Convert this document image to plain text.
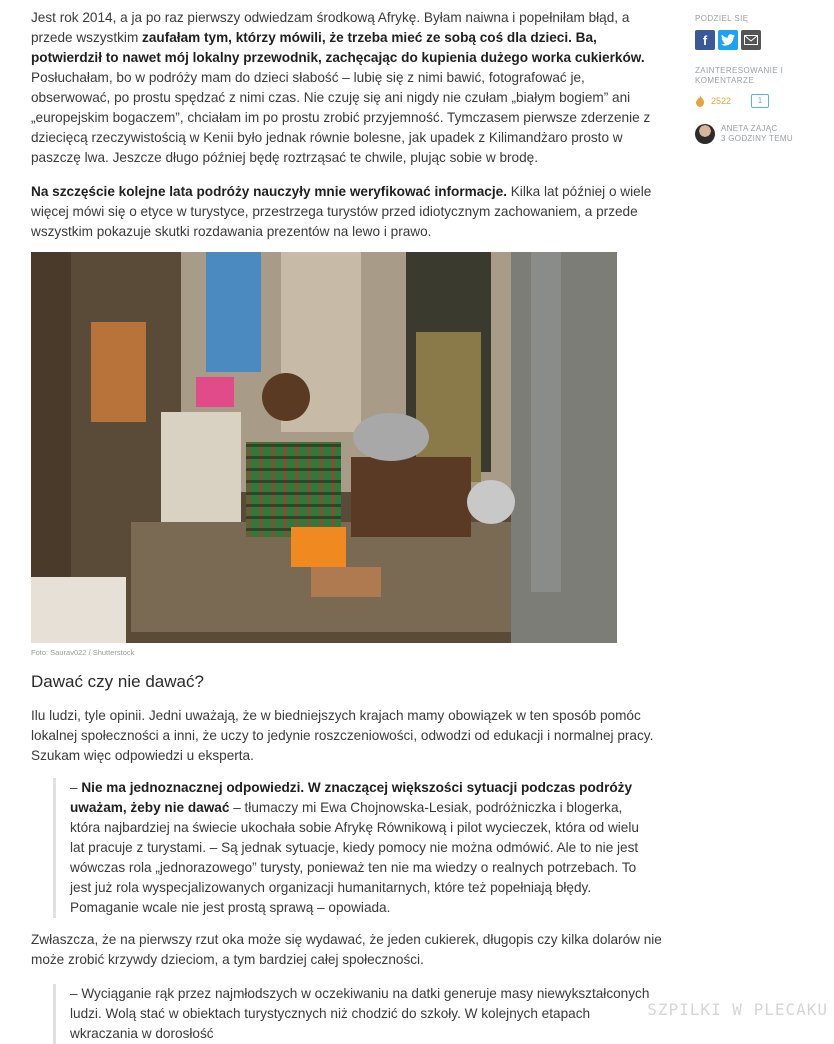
Jest rok 2014, a ja po raz pierwszy odwiedzam środkową Afrykę. Byłam naiwna i popełniłam błąd, a przede wszystkim zaufałam tym, którzy mówili, że trzeba mieć ze sobą coś dla dzieci. Ba, potwierdził to nawet mój lokalny przewodnik, zachęcając do kupienia dużego worka cukierków. Posłuchałam, bo w podróży mam do dzieci słabość – lubię się z nimi bawić, fotografować je, obserwować, po prostu spędzać z nimi czas. Nie czuję się ani nigdy nie czułam „białym bogiem” ani „europejskim bogaczem”, chciałam im po prostu zrobić przyjemność. Tymczasem pierwsze zderzenie z dziecięcą rzeczywistością w Kenii było jednak równie bolesne, jak upadek z Kilimandżaro prosto w paszczę lwa. Jeszcze długo później będę roztrząsać te chwile, plując sobie w brodę.

Na szczęście kolejne lata podróży nauczyły mnie weryfikować informacje. Kilka lat później o wiele więcej mówi się o etyce w turystyce, przestrzega turystów przed idiotycznym zachowaniem, a przede wszystkim pokazuje skutki rozdawania prezentów na lewo i prawo.

Foto: Saurav022 / Shutterstock
Dawać czy nie dawać?
Ilu ludzi, tyle opinii. Jedni uważają, że w biedniejszych krajach mamy obowiązek w ten sposób pomóc lokalnej społeczności a inni, że uczy to jedynie roszczeniowości, odwodzi od edukacji i normalnej pracy. Szukam więc odpowiedzi u eksperta.
– Nie ma jednoznacznej odpowiedzi. W znaczącej większości sytuacji podczas podróży uważam, żeby nie dawać – tłumaczy mi Ewa Chojnowska-Lesiak, podróżniczka i blogerka, która najbardziej na świecie ukochała sobie Afrykę Równikową i pilot wycieczek, która od wielu lat pracuje z turystami. – Są jednak sytuacje, kiedy pomocy nie można odmówić. Ale to nie jest wówczas rola „jednorazowego” turysty, ponieważ ten nie ma wiedzy o realnych potrzebach. To jest już rola wyspecjalizowanych organizacji humanitarnych, które też popełniają błędy. Pomaganie wcale nie jest prostą sprawą – opowiada.
Zwłaszcza, że na pierwszy rzut oka może się wydawać, że jeden cukierek, długopis czy kilka dolarów nie może zrobić krzywdy dzieciom, a tym bardziej całej społeczności.
– Wyciąganie rąk przez najmłodszych w oczekiwaniu na datki generuje masy niewykształconych ludzi. Wolą stać w obiektach turystycznych niż chodzić do szkoły. W kolejnych etapach wkraczania w dorosłość
PODZIEL SIĘ
f
ZAINTERESOWANIE I KOMENTARZE
2522	1
ANETA ZAJĄC
3 GODZINY TEMU
SZPILKI W PLECAKU
